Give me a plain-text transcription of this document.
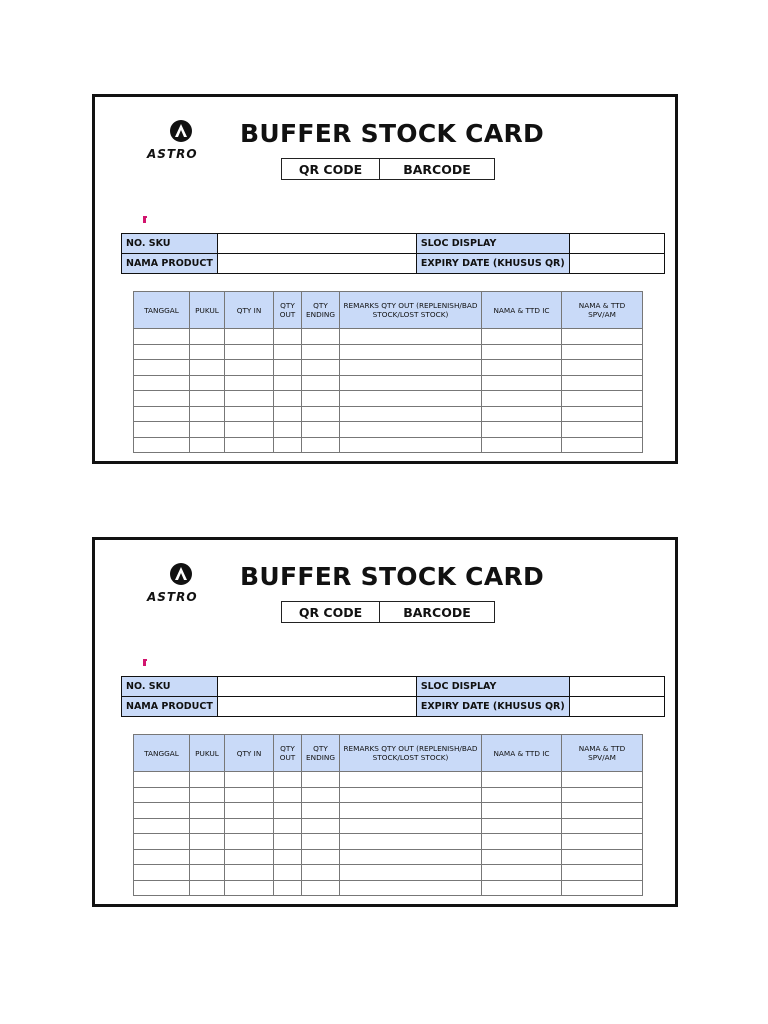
ASTRO
BUFFER STOCK CARD
QR CODE	BARCODE
NO. SKU		SLOC DISPLAY	
NAMA PRODUCT		EXPIRY DATE (KHUSUS QR)	
TANGGAL	PUKUL	QTY IN	QTY OUT	QTY ENDING	REMARKS QTY OUT (REPLENISH/BAD STOCK/LOST STOCK)	NAMA & TTD IC	NAMA & TTD SPV/AM

ASTRO
BUFFER STOCK CARD
QR CODE	BARCODE
NO. SKU		SLOC DISPLAY	
NAMA PRODUCT		EXPIRY DATE (KHUSUS QR)	
TANGGAL	PUKUL	QTY IN	QTY OUT	QTY ENDING	REMARKS QTY OUT (REPLENISH/BAD STOCK/LOST STOCK)	NAMA & TTD IC	NAMA & TTD SPV/AM
